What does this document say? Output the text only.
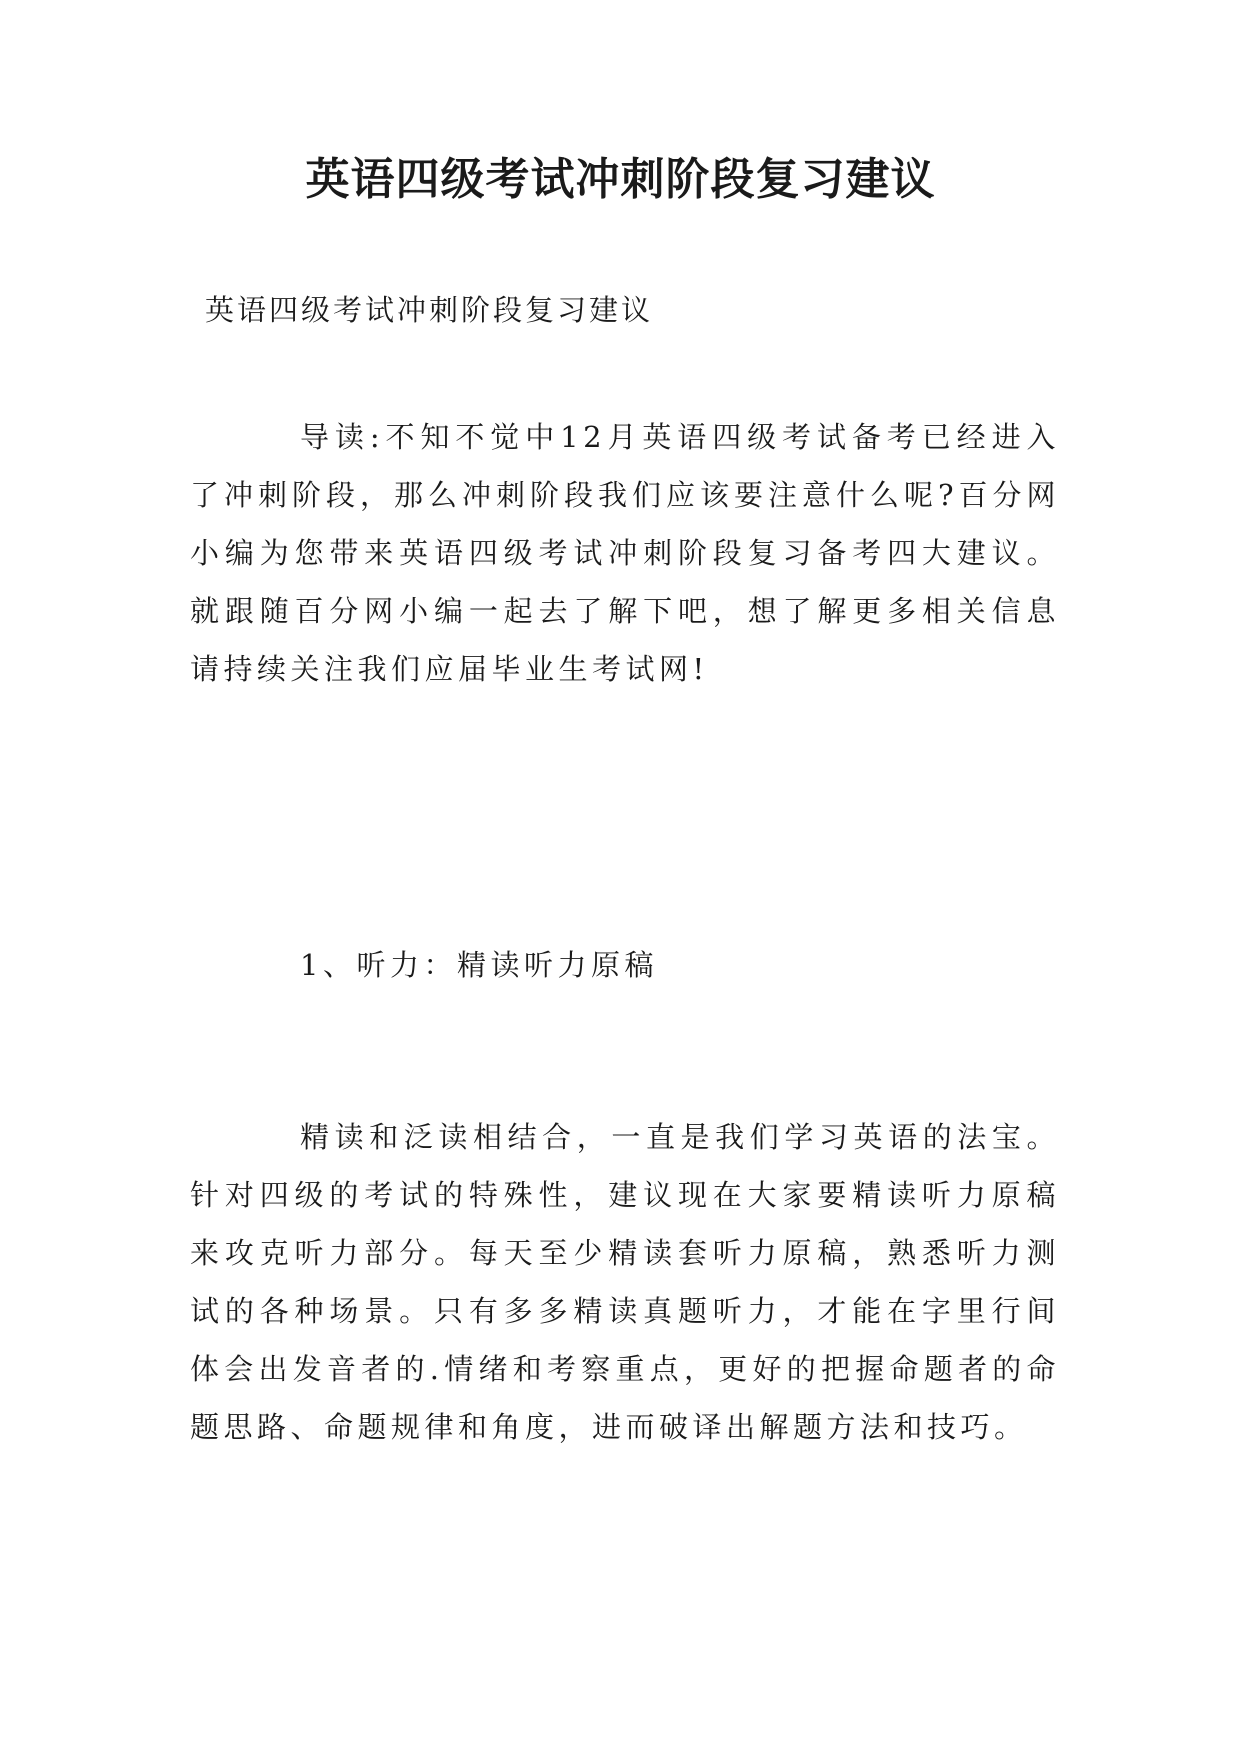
英语四级考试冲刺阶段复习建议

英语四级考试冲刺阶段复习建议

导读:不知不觉中12月英语四级考试备考已经进入了冲刺阶段，那么冲刺阶段我们应该要注意什么呢?百分网小编为您带来英语四级考试冲刺阶段复习备考四大建议。就跟随百分网小编一起去了解下吧，想了解更多相关信息请持续关注我们应届毕业生考试网!

1、听力：精读听力原稿

精读和泛读相结合，一直是我们学习英语的法宝。针对四级的考试的特殊性，建议现在大家要精读听力原稿来攻克听力部分。每天至少精读套听力原稿，熟悉听力测试的各种场景。只有多多精读真题听力，才能在字里行间体会出发音者的.情绪和考察重点，更好的把握命题者的命题思路、命题规律和角度，进而破译出解题方法和技巧。
